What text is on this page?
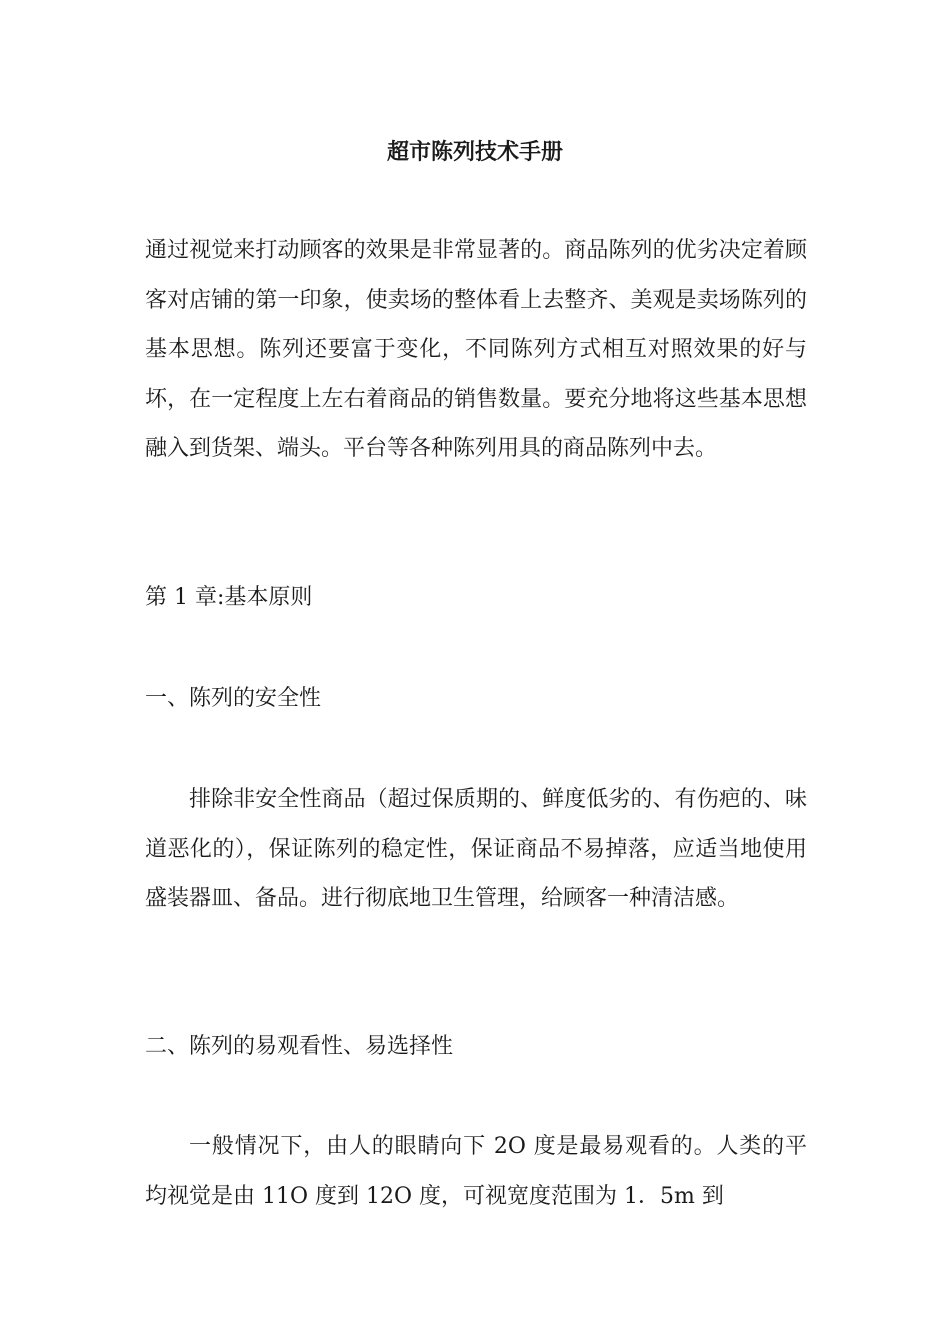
超市陈列技术手册
通过视觉来打动顾客的效果是非常显著的。商品陈列的优劣决定着顾客对店铺的第一印象，使卖场的整体看上去整齐、美观是卖场陈列的基本思想。陈列还要富于变化，不同陈列方式相互对照效果的好与坏，在一定程度上左右着商品的销售数量。要充分地将这些基本思想融入到货架、端头。平台等各种陈列用具的商品陈列中去。
第 1 章:基本原则
一、陈列的安全性
排除非安全性商品（超过保质期的、鲜度低劣的、有伤疤的、味道恶化的），保证陈列的稳定性，保证商品不易掉落，应适当地使用盛装器皿、备品。进行彻底地卫生管理，给顾客一种清洁感。
二、陈列的易观看性、易选择性
一般情况下，由人的眼睛向下 2O 度是最易观看的。人类的平均视觉是由 11O 度到 12O 度，可视宽度范围为 1．5m 到
